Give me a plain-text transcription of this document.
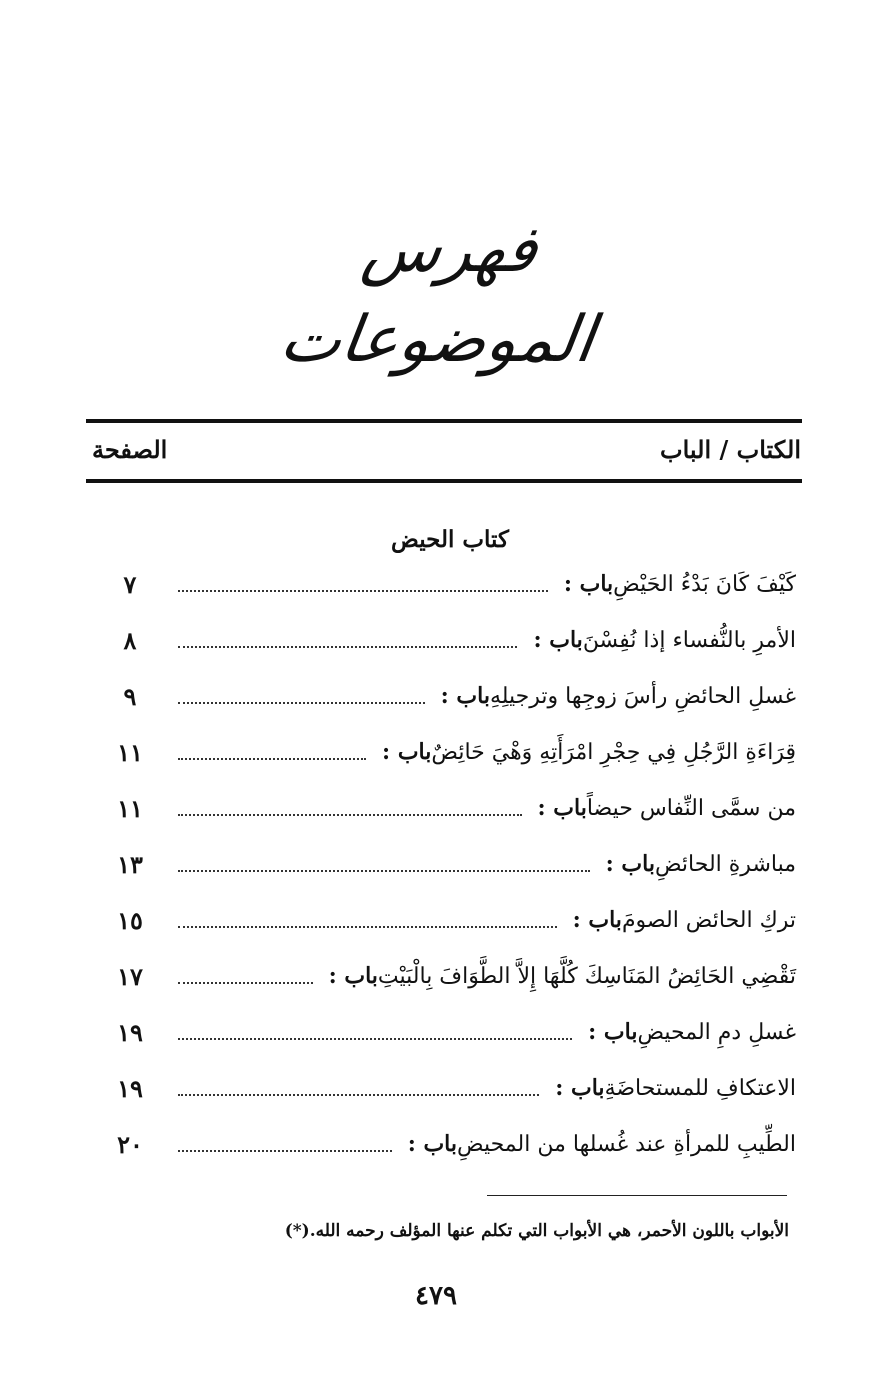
فهرس الموضوعات
الكتاب / الباب
الصفحة
كتاب الحيض
٧	باب : كَيْفَ كَانَ بَدْءُ الحَيْضِ
٨	باب : الأمرِ بالنُّفساء إذا نُفِسْنَ
٩	باب : غسلِ الحائضِ رأسَ زوجِها وترجيلِهِ
١١	باب : قِرَاءَةِ الرَّجُلِ فِي حِجْرِ امْرَأَتِهِ وَهْيَ حَائِضٌ
١١	باب : من سمَّى النِّفاس حيضاً
١٣	باب : مباشرةِ الحائضِ
١٥	باب : تركِ الحائض الصومَ
١٧	باب : تَقْضِي الحَائِضُ المَنَاسِكَ كُلَّهَا إِلاَّ الطَّوَافَ بِالْبَيْتِ
١٩	باب : غسلِ دمِ المحيضِ
١٩	باب : الاعتكافِ للمستحاضَةِ
٢٠	باب : الطِّيبِ للمرأةِ عند غُسلها من المحيضِ
(*) الأبواب باللون الأحمر، هي الأبواب التي تكلم عنها المؤلف رحمه الله.
٤٧٩
